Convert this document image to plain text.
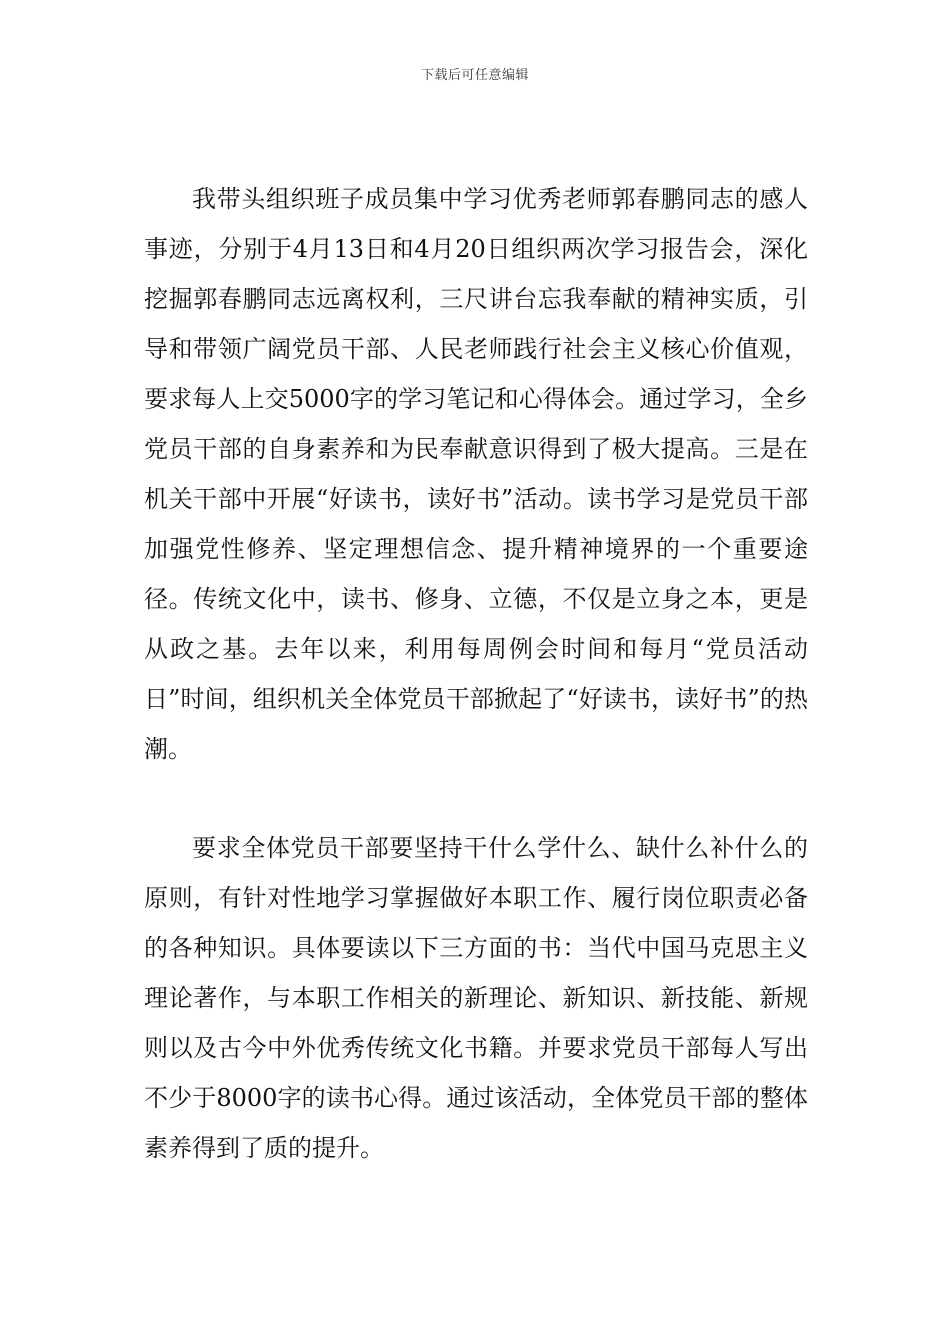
下载后可任意编辑

我带头组织班子成员集中学习优秀老师郭春鹏同志的感人事迹，分别于4月13日和4月20日组织两次学习报告会，深化挖掘郭春鹏同志远离权利，三尺讲台忘我奉献的精神实质，引导和带领广阔党员干部、人民老师践行社会主义核心价值观，要求每人上交5000字的学习笔记和心得体会。通过学习，全乡党员干部的自身素养和为民奉献意识得到了极大提高。三是在机关干部中开展“好读书，读好书”活动。读书学习是党员干部加强党性修养、坚定理想信念、提升精神境界的一个重要途径。传统文化中，读书、修身、立德，不仅是立身之本，更是从政之基。去年以来，利用每周例会时间和每月“党员活动日”时间，组织机关全体党员干部掀起了“好读书，读好书”的热潮。

要求全体党员干部要坚持干什么学什么、缺什么补什么的原则，有针对性地学习掌握做好本职工作、履行岗位职责必备的各种知识。具体要读以下三方面的书：当代中国马克思主义理论著作，与本职工作相关的新理论、新知识、新技能、新规则以及古今中外优秀传统文化书籍。并要求党员干部每人写出不少于8000字的读书心得。通过该活动，全体党员干部的整体素养得到了质的提升。
